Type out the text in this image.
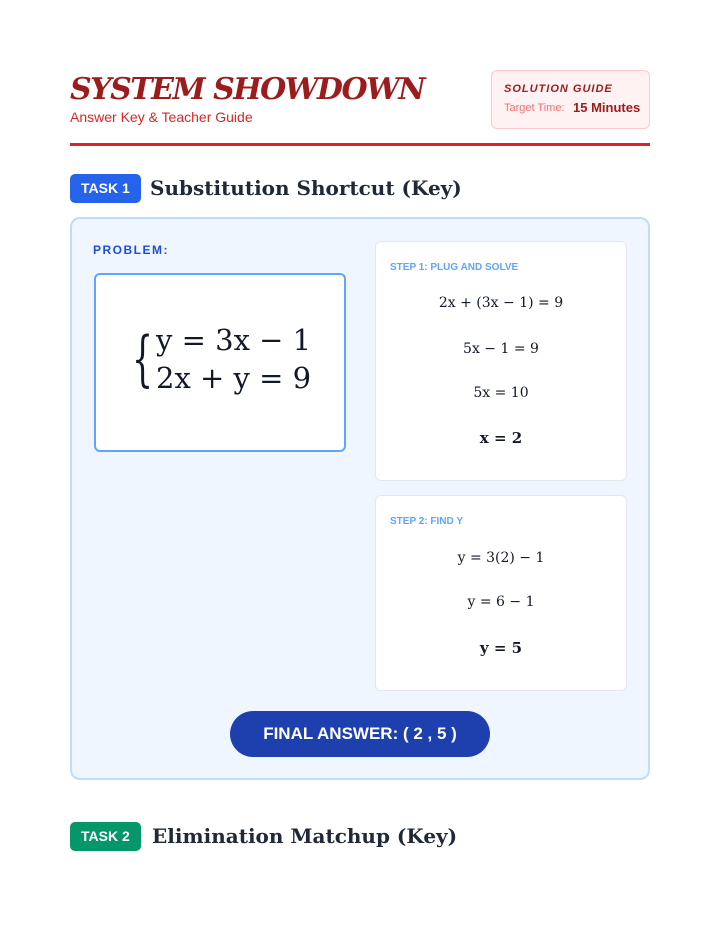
SYSTEM SHOWDOWN
Answer Key & Teacher Guide
SOLUTION GUIDE
Target Time: 15 Minutes
TASK 1	Substitution Shortcut (Key)
PROBLEM:
{ y = 3x − 1
2x + y = 9
STEP 1: PLUG AND SOLVE
2x + (3x − 1) = 9
5x − 1 = 9
5x = 10
x = 2
STEP 2: FIND Y
y = 3(2) − 1
y = 6 − 1
y = 5
FINAL ANSWER: ( 2 , 5 )
TASK 2	Elimination Matchup (Key)
